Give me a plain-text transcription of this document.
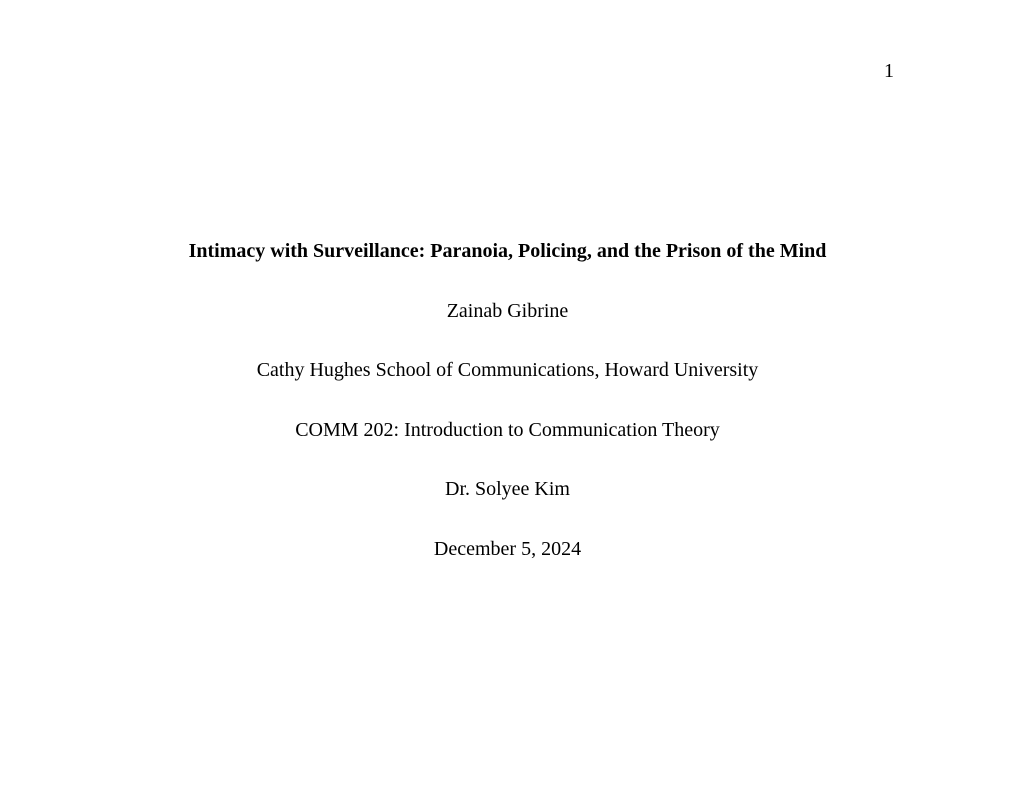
1
Intimacy with Surveillance: Paranoia, Policing, and the Prison of the Mind
Zainab Gibrine
Cathy Hughes School of Communications, Howard University
COMM 202: Introduction to Communication Theory
Dr. Solyee Kim
December 5, 2024
